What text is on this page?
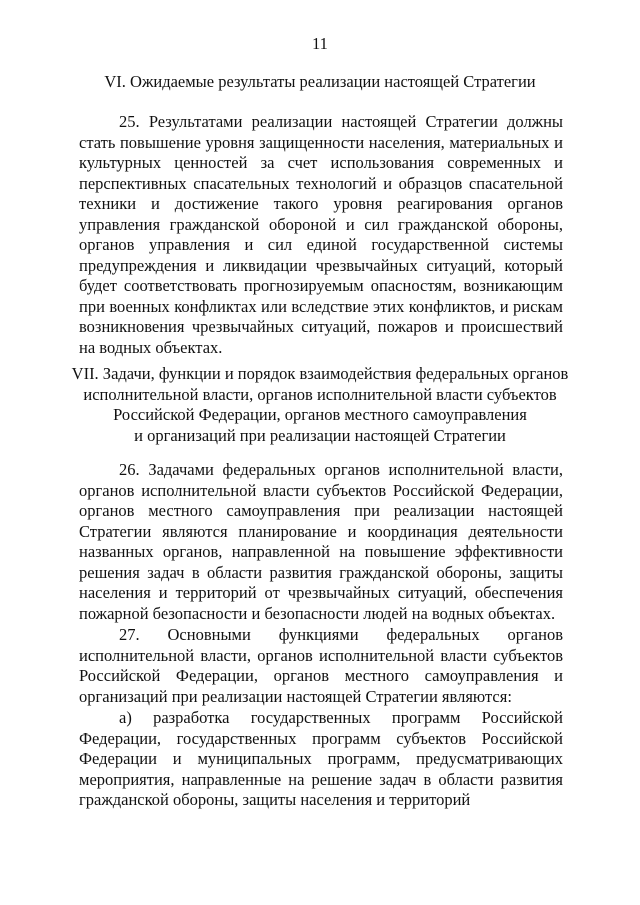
11
VI. Ожидаемые результаты реализации настоящей Стратегии

25. Результатами реализации настоящей Стратегии должны стать повышение уровня защищенности населения, материальных и культурных ценностей за счет использования современных и перспективных спасательных технологий и образцов спасательной техники и достижение такого уровня реагирования органов управления гражданской обороной и сил гражданской обороны, органов управления и сил единой государственной системы предупреждения и ликвидации чрезвычайных ситуаций, который будет соответствовать прогнозируемым опасностям, возникающим при военных конфликтах или вследствие этих конфликтов, и рискам возникновения чрезвычайных ситуаций, пожаров и происшествий на водных объектах.

VII. Задачи, функции и порядок взаимодействия федеральных органов
исполнительной власти, органов исполнительной власти субъектов
Российской Федерации, органов местного самоуправления
и организаций при реализации настоящей Стратегии

26. Задачами федеральных органов исполнительной власти, органов исполнительной власти субъектов Российской Федерации, органов местного самоуправления при реализации настоящей Стратегии являются планирование и координация деятельности названных органов, направленной на повышение эффективности решения задач в области развития гражданской обороны, защиты населения и территорий от чрезвычайных ситуаций, обеспечения пожарной безопасности и безопасности людей на водных объектах.

27. Основными функциями федеральных органов исполнительной власти, органов исполнительной власти субъектов Российской Федерации, органов местного самоуправления и организаций при реализации настоящей Стратегии являются:

а) разработка государственных программ Российской Федерации, государственных программ субъектов Российской Федерации и муниципальных программ, предусматривающих мероприятия, направленные на решение задач в области развития гражданской обороны, защиты населения и территорий
